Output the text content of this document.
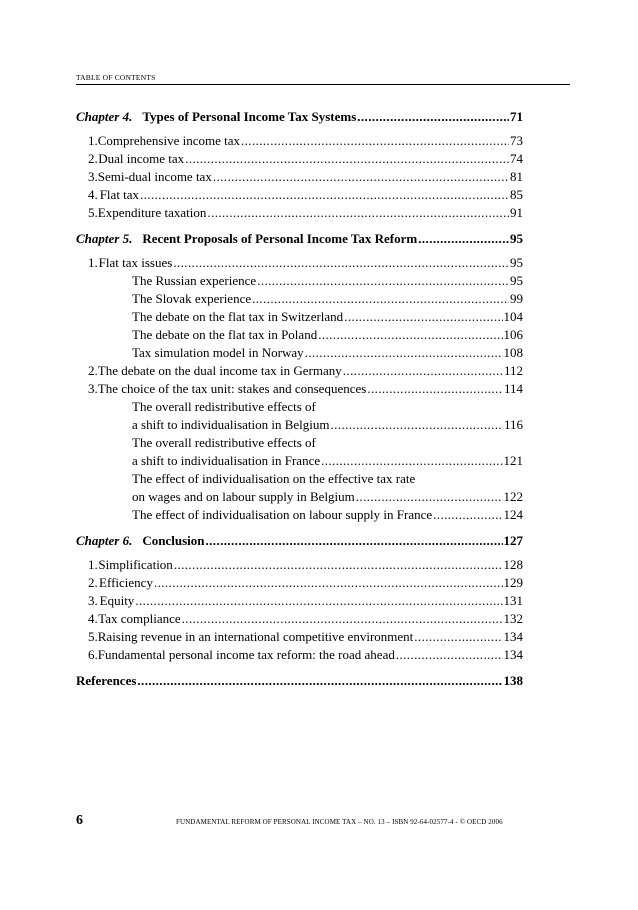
TABLE OF CONTENTS
Chapter 4. Types of Personal Income Tax Systems .....	71
1. Comprehensive income tax .....	73
2. Dual income tax .....	74
3. Semi-dual income tax .....	81
4. Flat tax .....	85
5. Expenditure taxation .....	91
Chapter 5. Recent Proposals of Personal Income Tax Reform .....	95
1. Flat tax issues .....	95
The Russian experience .....	95
The Slovak experience .....	99
The debate on the flat tax in Switzerland .....	104
The debate on the flat tax in Poland .....	106
Tax simulation model in Norway .....	108
2. The debate on the dual income tax in Germany .....	112
3. The choice of the tax unit: stakes and consequences .....	114
The overall redistributive effects of
a shift to individualisation in Belgium .....	116
The overall redistributive effects of
a shift to individualisation in France .....	121
The effect of individualisation on the effective tax rate
on wages and on labour supply in Belgium .....	122
The effect of individualisation on labour supply in France .....	124
Chapter 6. Conclusion .....	127
1. Simplification .....	128
2. Efficiency .....	129
3. Equity .....	131
4. Tax compliance .....	132
5. Raising revenue in an international competitive environment .....	134
6. Fundamental personal income tax reform: the road ahead .....	134
References .....	138
6	FUNDAMENTAL REFORM OF PERSONAL INCOME TAX – NO. 13 – ISBN 92-64-02577-4 - © OECD 2006
